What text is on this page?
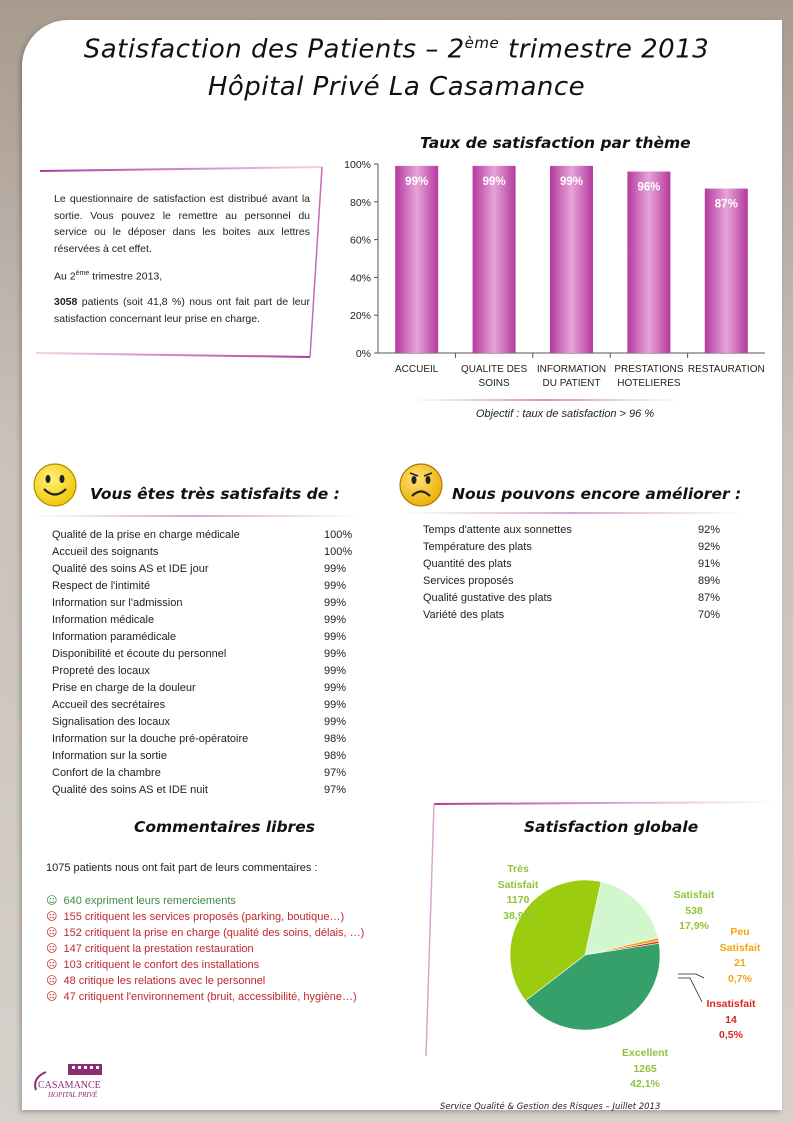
Satisfaction des Patients – 2ème trimestre 2013
Hôpital Privé La Casamance

Le questionnaire de satisfaction est distribué avant la sortie. Vous pouvez le remettre au personnel du service ou le déposer dans les boites aux lettres réservées à cet effet.

Au 2ème trimestre 2013,

3058 patients (soit 41,8 %) nous ont fait part de leur satisfaction concernant leur prise en charge.

Taux de satisfaction par thème
0%
20%
40%
60%
80%
100%
99%
ACCUEIL
99%
QUALITE DES
SOINS
99%
INFORMATION
DU PATIENT
96%
PRESTATIONS
HOTELIERES
87%
RESTAURATION
Objectif : taux de satisfaction > 96 %
Vous êtes très satisfaits de :
Qualité de la prise en charge médicale	100%
Accueil des soignants	100%
Qualité des soins AS et IDE jour	99%
Respect de l'intimité	99%
Information sur l'admission	99%
Information médicale	99%
Information paramédicale	99%
Disponibilité et écoute du personnel	99%
Propreté des locaux	99%
Prise en charge de la douleur	99%
Accueil des secrétaires	99%
Signalisation des locaux	99%
Information sur la douche pré-opératoire	98%
Information sur la sortie	98%
Confort de la chambre	97%
Qualité des soins AS et IDE nuit	97%
Nous pouvons encore améliorer :
Temps d'attente aux sonnettes	92%
Température des plats	92%
Quantité des plats	91%
Services proposés	89%
Qualité gustative des plats	87%
Variété des plats	70%
Commentaires libres
1075 patients nous ont fait part de leurs commentaires :
☺ 640 expriment leurs remerciements
☹ 155 critiquent les services proposés (parking, boutique…)
☹ 152 critiquent la prise en charge (qualité des soins, délais, …)
☹ 147 critiquent la prestation restauration
☹ 103 critiquent le confort des installations
☹ 48 critique les relations avec le personnel
☹ 47 critiquent l'environnement (bruit, accessibilité, hygiène…)
Satisfaction globale
Très Satisfait
1170
38,9%
Satisfait
538
17,9%	Peu Satisfait
21
0,7%
Insatisfait
14
0,5%
Excellent
1265
42,1%
CASAMANCE
HOPITAL PRIVÉ
Service Qualité & Gestion des Risques – Juillet 2013
